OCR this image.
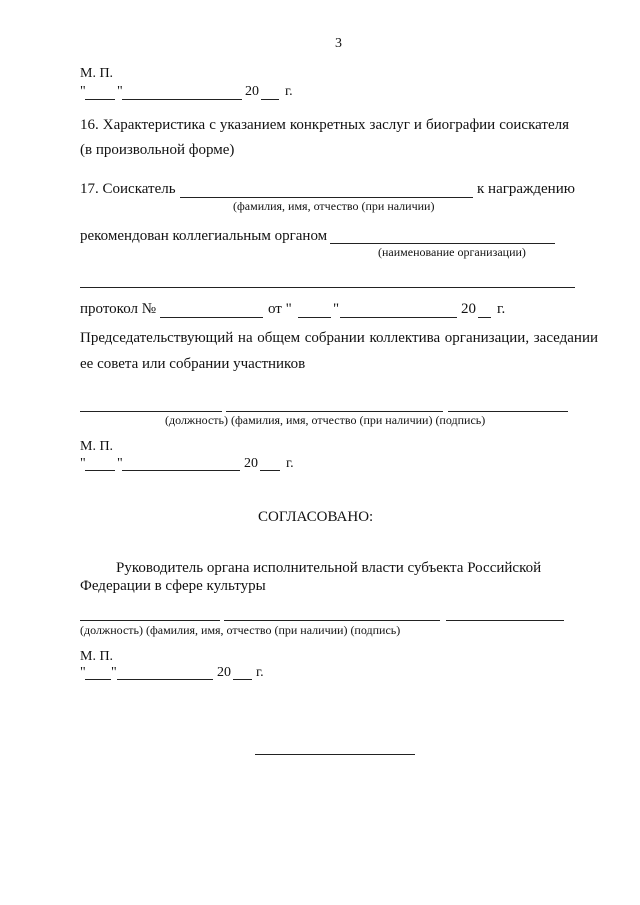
3
М. П.
" "	20 г.
16. Характеристика с указанием конкретных заслуг и биографии соискателя
(в произвольной форме)
17. Соискатель	к награждению
(фамилия, имя, отчество (при наличии)
рекомендован коллегиальным органом
(наименование организации)
протокол №	от "	"	20 г.
Председательствующий на общем собрании коллектива организации, заседании
ее совета или собрании участников
(должность) (фамилия, имя, отчество (при наличии) (подпись)
М. П.
" "	20 г.
СОГЛАСОВАНО:
Руководитель органа исполнительной власти субъекта Российской
Федерации в сфере культуры
(должность) (фамилия, имя, отчество (при наличии) (подпись)
М. П.
" "	20 г.
